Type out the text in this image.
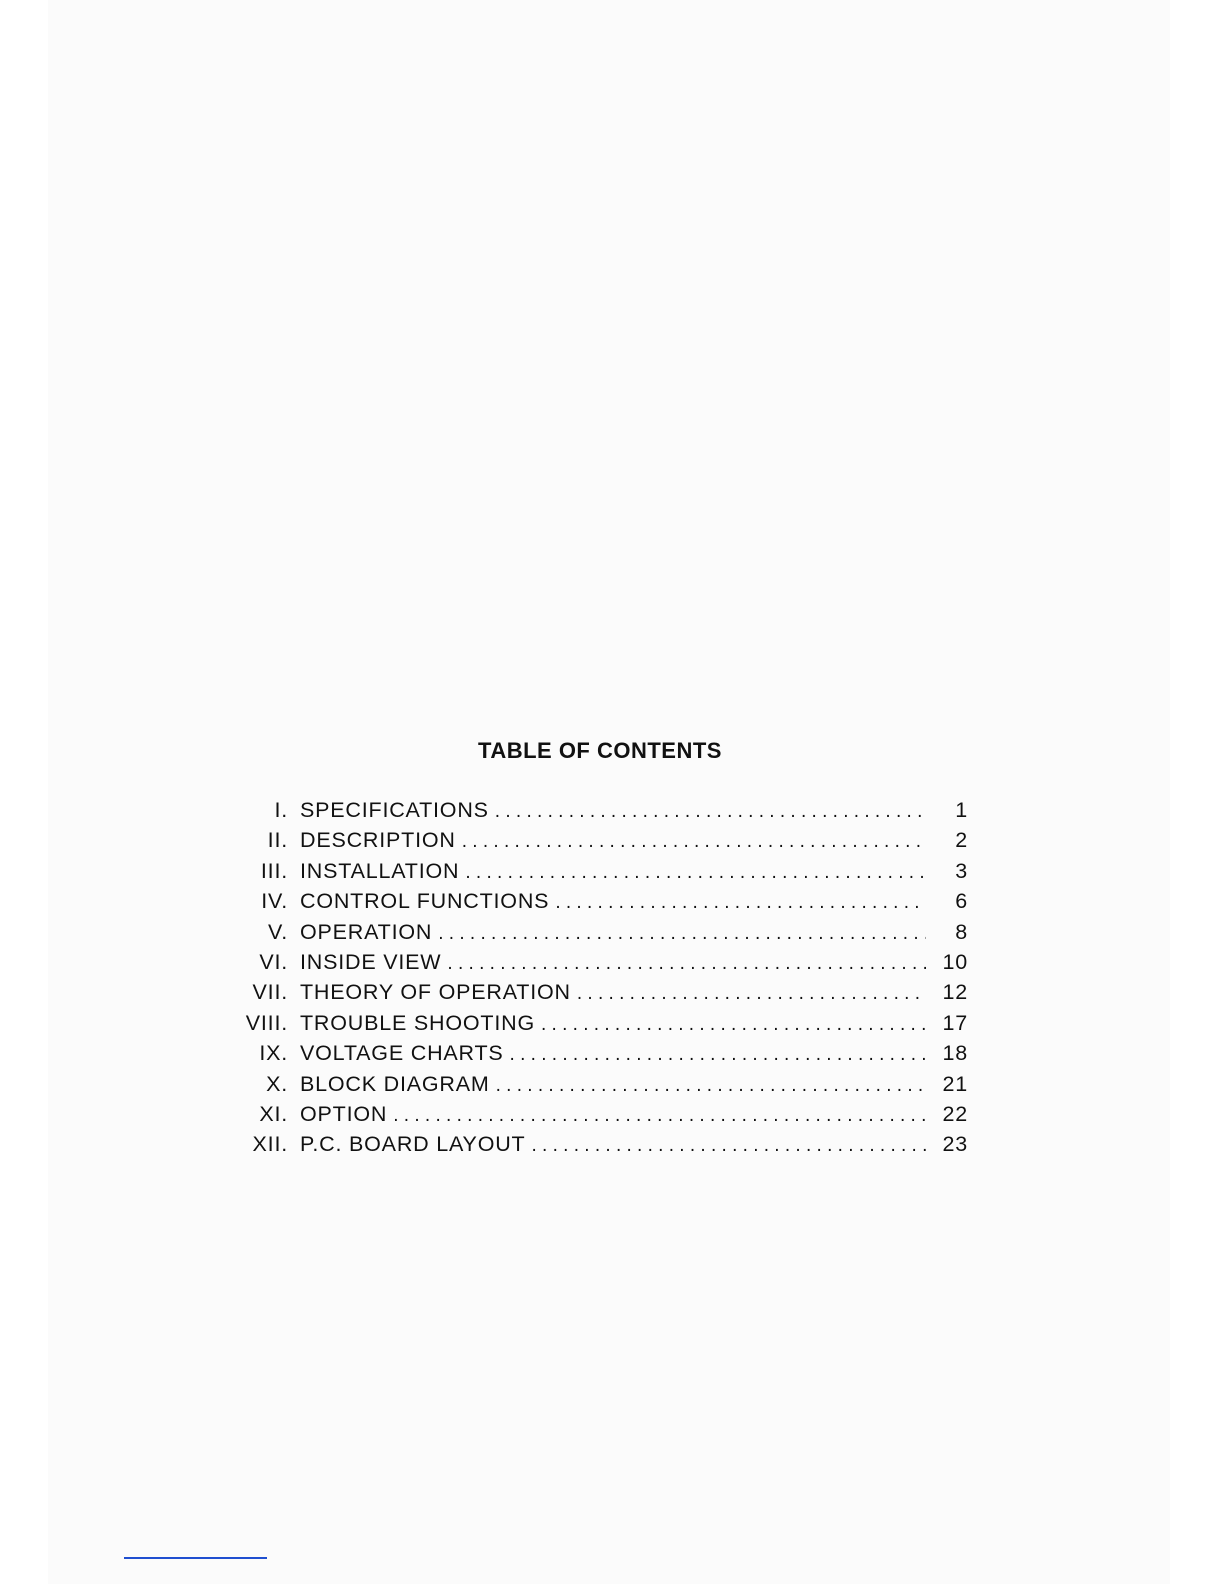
TABLE OF CONTENTS
I. SPECIFICATIONS . . .	1
II. DESCRIPTION . . .	2
III. INSTALLATION . . .	3
IV. CONTROL FUNCTIONS . . .	6
V. OPERATION . . .	8
VI. INSIDE VIEW . . .	10
VII. THEORY OF OPERATION . . .	12
VIII. TROUBLE SHOOTING . . .	17
IX. VOLTAGE CHARTS . . .	18
X. BLOCK DIAGRAM . . .	21
XI. OPTION . . .	22
XII. P.C. BOARD LAYOUT . . .	23
